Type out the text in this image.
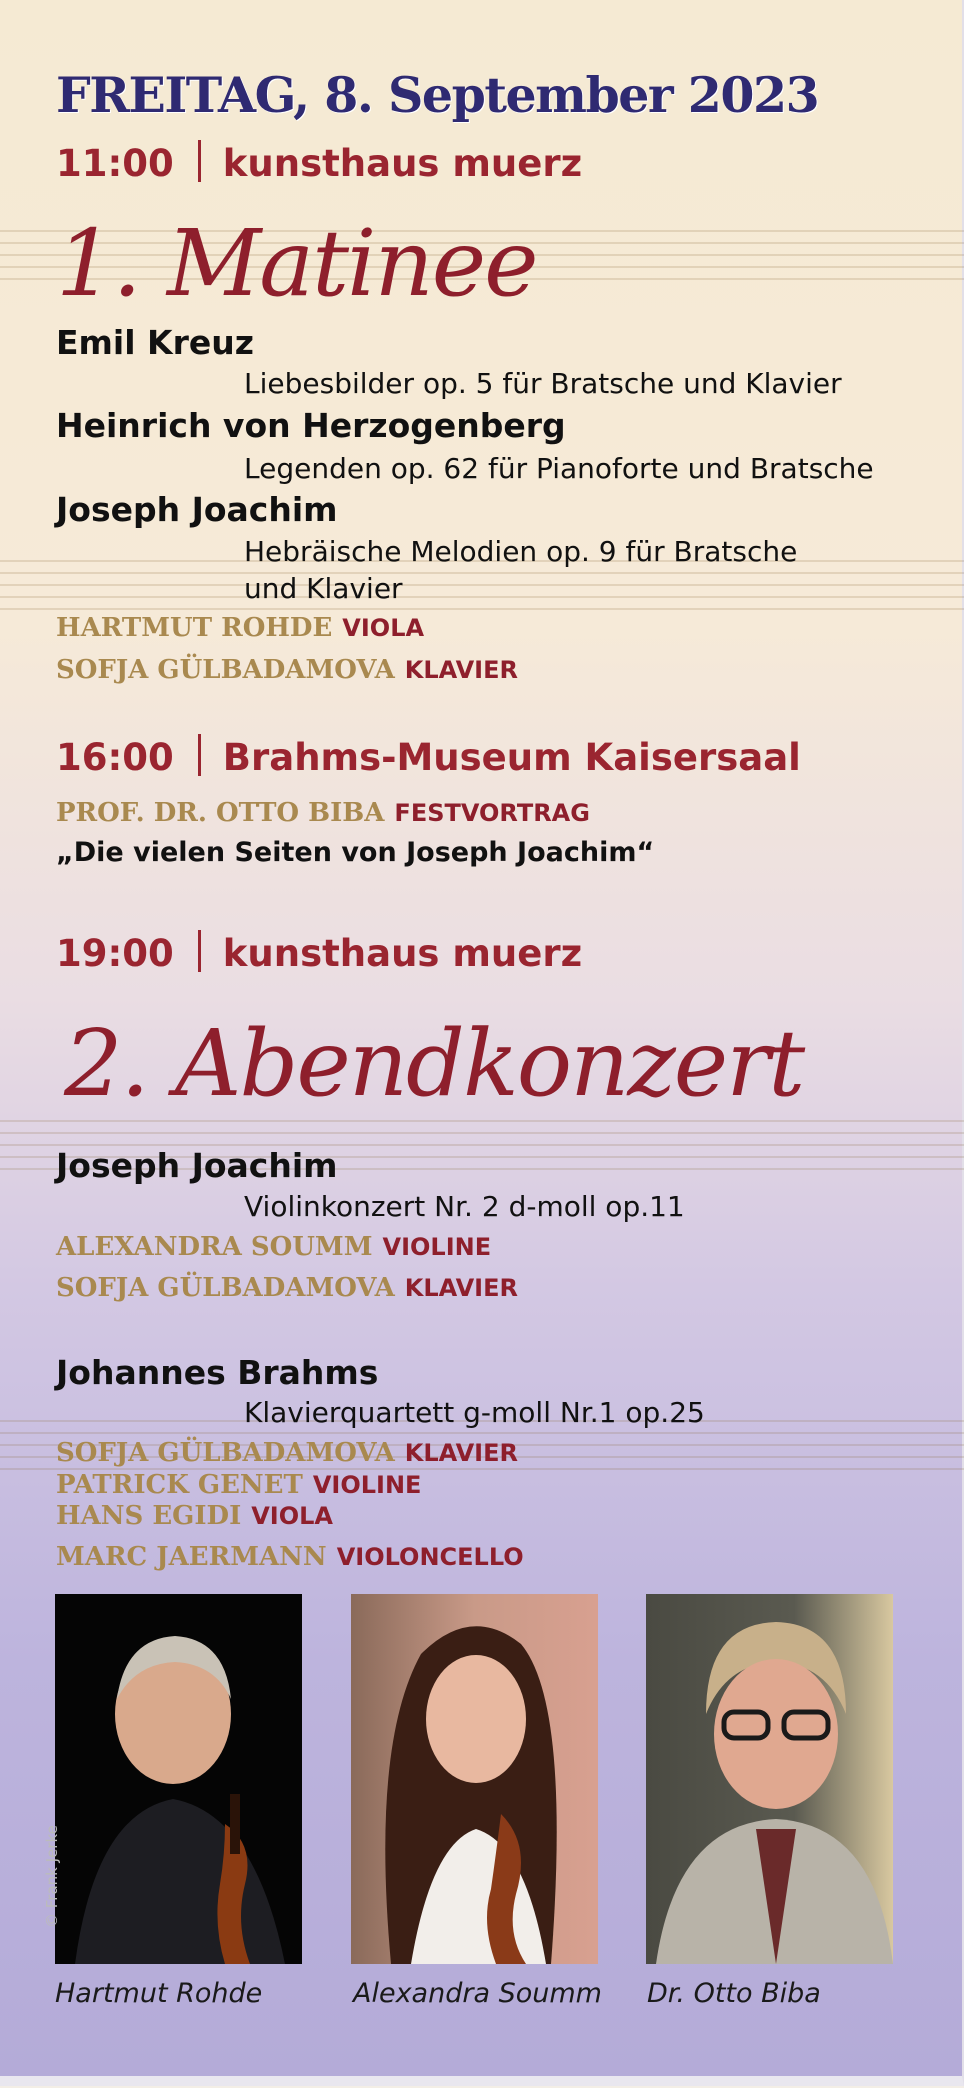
FREITAG, 8. September 2023
11:00 kunsthaus muerz
1. Matinee
Emil Kreuz
Liebesbilder op. 5 für Bratsche und Klavier
Heinrich von Herzogenberg
Legenden op. 62 für Pianoforte und Bratsche
Joseph Joachim
Hebräische Melodien op. 9 für Bratsche
und Klavier
HARTMUT ROHDE VIOLA
SOFJA GÜLBADAMOVA KLAVIER
16:00 Brahms-Museum Kaisersaal
PROF. DR. OTTO BIBA FESTVORTRAG
„Die vielen Seiten von Joseph Joachim“
19:00 kunsthaus muerz
2. Abendkonzert
Joseph Joachim
Violinkonzert Nr. 2 d-moll op.11
ALEXANDRA SOUMM VIOLINE
SOFJA GÜLBADAMOVA KLAVIER
Johannes Brahms
Klavierquartett g-moll Nr.1 op.25
SOFJA GÜLBADAMOVA KLAVIER
PATRICK GENET VIOLINE
HANS EGIDI VIOLA
MARC JAERMANN VIOLONCELLO
© Frank Jerke
Hartmut Rohde	Alexandra Soumm Dr. Otto Biba
